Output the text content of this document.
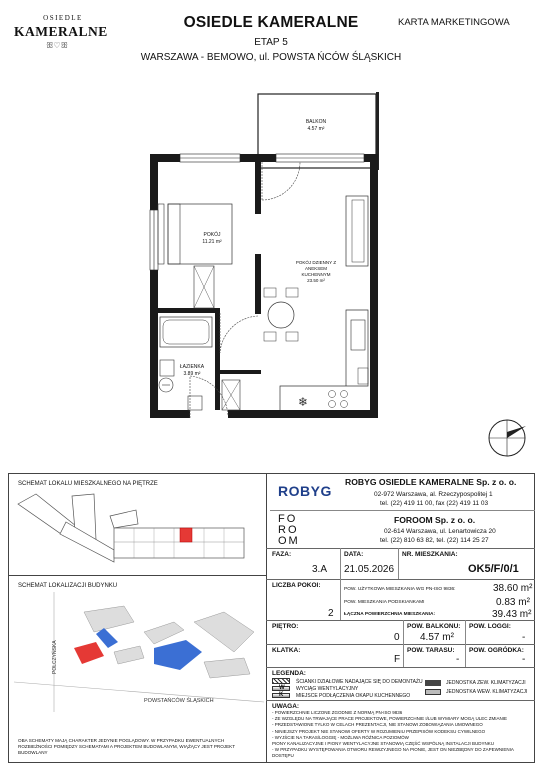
OSIEDLE
KAMERALNE
ꕥ♡ꕥ
OSIEDLE KAMERALNE
ETAP 5
WARSZAWA - BEMOWO, ul. POWSTA ŃCÓW ŚLĄSKICH
KARTA MARKETINGOWA
❄
BALKON
4.57 m²
POKÓJ
11.21 m²
POKÓJ DZIENNY Z
ANEKSEM
KUCHENNYM
23.50 m²
ŁAZIENKA
3.89 m²
SCHEMAT LOKALU MIESZKALNEGO NA PIĘTRZE
SCHEMAT LOKALIZACJI BUDYNKU
POLCZYŃSKA
POWSTAŃCÓW ŚLĄSKICH
OBA SCHEMATY MAJĄ CHARAKTER JEDYNIE POGLĄDOWY. W PRZYPADKU EWENTUALNYCH ROZBIEŻNOŚCI POMIĘDZY SCHEMATAMI A PROJEKTEM BUDOWLANYM, WIĄŻĄCY JEST PROJEKT BUDOWLANY
ROBYG
ROBYG OSIEDLE KAMERALNE Sp. z o. o.
02-972 Warszawa, al. Rzeczypospolitej 1
tel. (22) 419 11 00, fax (22) 419 11 03
FO
RO
OM
FOROOM Sp. z o. o.
02-614 Warszawa, ul. Lenartowicza 20
tel. (22) 810 63 82, tel. (22) 114 25 27
FAZA:
3.A
DATA:
21.05.2026
NR. MIESZKANIA:
OK5/F/0/1
LICZBA POKOI:
2
POW. UŻYTKOWA MIESZKANIA WG PN-ISO 9836:	38.60 m²
POW. MIESZKANIA PODSKIANKAMI	0.83 m²
ŁĄCZNA POWIERZCHNIA MIESZKANIA:	39.43 m²
PIĘTRO:
0
POW. BALKONU:
4.57 m²
POW. LOGGI:
-
KLATKA:
F
POW. TARASU:
-
POW. OGRÓDKA:
-
LEGENDA:
ŚCIANKI DZIAŁOWE NADAJĄCE SIĘ DO DEMONTAŻU
W WYCIĄG WENTYLACYJNY
K	MIEJSCE PODŁĄCZENIA OKAPU KUCHENNEGO
JEDNOSTKA ZEW. KLIMATYZACJI
JEDNOSTKA WEW. KLIMATYZACJI
UWAGA:
- POWIERZCHNIE LICZONE ZGODNIE Z NORMĄ PN-ISO 9836
- ZE WZGLĘDU NA TRWAJĄCE PRACE PROJEKTOWE, POWIERZCHNIE I/LUB WYMIARY MOGĄ ULEC ZMIANIE
- PRZEDSTAWIONE TYLKO W CELACH PREZENTACJI, NIE STANOWI ZOBOWIĄZANIA UMOWNEGO
- NINIEJSZY PROJEKT NIE STANOWI OFERTY W ROZUMIENIU PRZEPISÓW KODEKSU CYWILNEGO
- WYJŚCIE NA TARAS/LOGGIĘ - MOŻLIWA RÓŻNICA POZIOMÓW
PIONY KANALIZACYJNE I PIONY WENTYLACYJNE STANOWIĄ CZĘŚĆ WSPÓLNĄ INSTALACJI BUDYNKU
- W PRZYPADKU WYSTĘPOWANIA OTWORU REWIZYJNEGO NA PIONIE, JEST ON NIEZBĘDNY DO ZAPEWNIENIA DOSTĘPU
